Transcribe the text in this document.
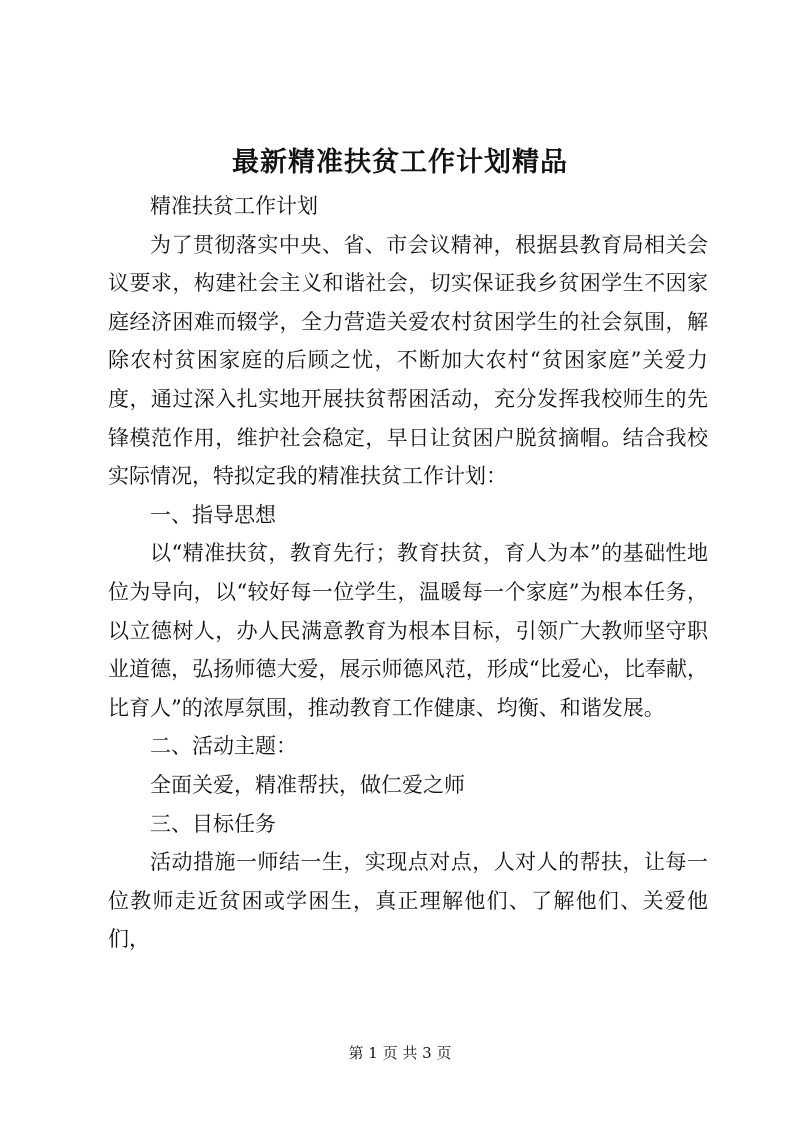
最新精准扶贫工作计划精品

精准扶贫工作计划

为了贯彻落实中央、省、市会议精神，根据县教育局相关会议要求，构建社会主义和谐社会，切实保证我乡贫困学生不因家庭经济困难而辍学，全力营造关爱农村贫困学生的社会氛围，解除农村贫困家庭的后顾之忧，不断加大农村“贫困家庭”关爱力度，通过深入扎实地开展扶贫帮困活动，充分发挥我校师生的先锋模范作用，维护社会稳定，早日让贫困户脱贫摘帽。结合我校实际情况，特拟定我的精准扶贫工作计划：

一、指导思想

以“精准扶贫，教育先行；教育扶贫，育人为本”的基础性地位为导向，以“较好每一位学生，温暖每一个家庭”为根本任务，以立德树人，办人民满意教育为根本目标，引领广大教师坚守职业道德，弘扬师德大爱，展示师德风范，形成“比爱心，比奉献，比育人”的浓厚氛围，推动教育工作健康、均衡、和谐发展。

二、活动主题：

全面关爱，精准帮扶，做仁爱之师

三、目标任务

活动措施一师结一生，实现点对点，人对人的帮扶，让每一位教师走近贫困或学困生，真正理解他们、了解他们、关爱他们，

第 1 页 共 3 页
